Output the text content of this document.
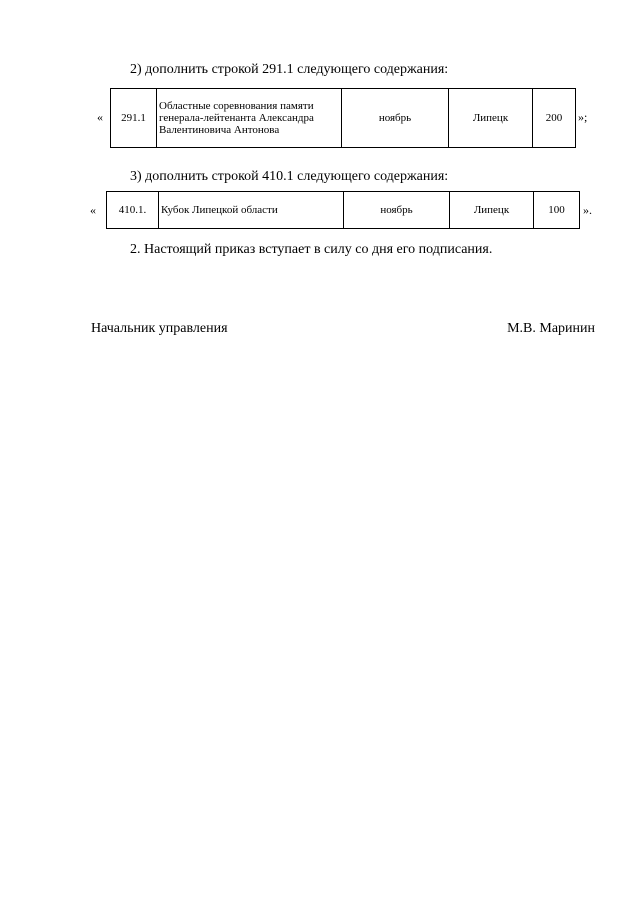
2) дополнить строкой 291.1 следующего содержания:
« 291.1	Областные соревнования памяти генерала-лейтенанта Александра Валентиновича Антонова	ноябрь	Липецк	200 »;
3) дополнить строкой 410.1 следующего содержания:
« 410.1.	Кубок Липецкой области	ноябрь	Липецк	100 ».
2. Настоящий приказ вступает в силу со дня его подписания.
Начальник управления	М.В. Маринин
